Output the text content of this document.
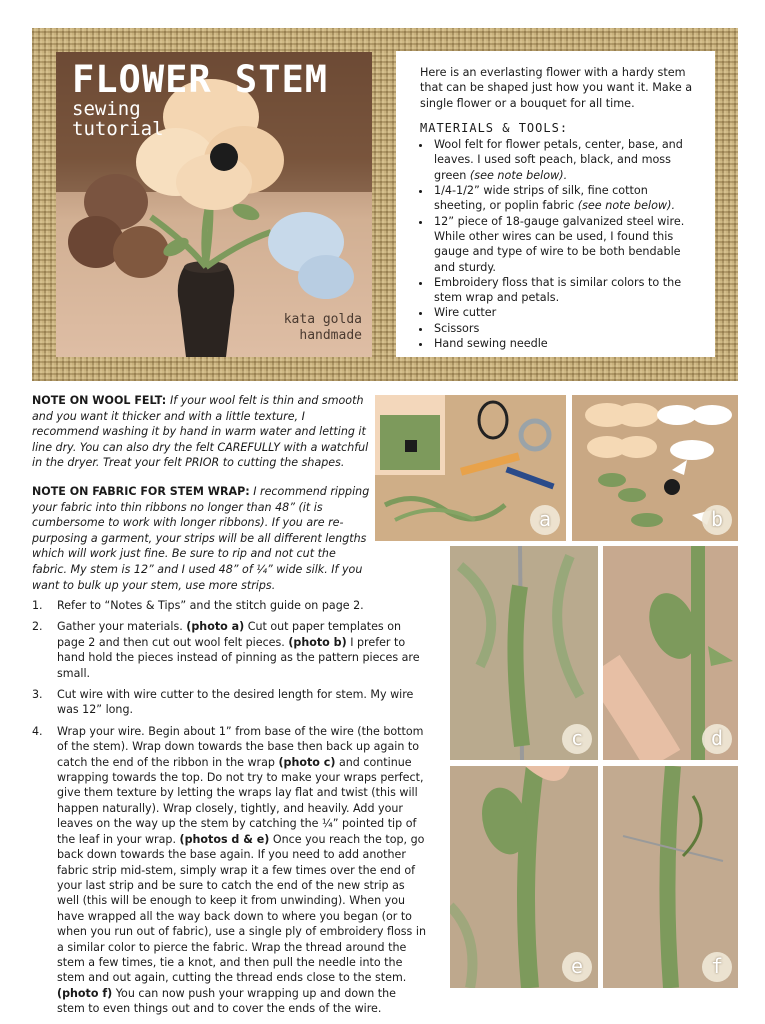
FLOWER STEM
sewing
tutorial
kata golda
handmade

Here is an everlasting flower with a hardy stem that can be shaped just how you want it. Make a single flower or a bouquet for all time.

MATERIALS & TOOLS:
• Wool felt for flower petals, center, base, and leaves. I used soft peach, black, and moss green (see note below).
• 1/4-1/2” wide strips of silk, fine cotton sheeting, or poplin fabric (see note below).
• 12” piece of 18-gauge galvanized steel wire. While other wires can be used, I found this gauge and type of wire to be both bendable and sturdy.
• Embroidery floss that is similar colors to the stem wrap and petals.
• Wire cutter
• Scissors
• Hand sewing needle
NOTE ON WOOL FELT: If your wool felt is thin and smooth and you want it thicker and with a little texture, I recommend washing it by hand in warm water and letting it line dry. You can also dry the felt CAREFULLY with a watchful in the dryer. Treat your felt PRIOR to cutting the shapes.
NOTE ON FABRIC FOR STEM WRAP: I recommend ripping your fabric into thin ribbons no longer than 48” (it is cumbersome to work with longer ribbons). If you are re-purposing a garment, your strips will be all different lengths which will work just fine. Be sure to rip and not cut the fabric. My stem is 12” and I used 48” of ¼” wide silk. If you want to bulk up your stem, use more strips.
1. Refer to “Notes & Tips” and the stitch guide on page 2.
2. Gather your materials. (photo a) Cut out paper templates on page 2 and then cut out wool felt pieces. (photo b) I prefer to hand hold the pieces instead of pinning as the pattern pieces are small.
3. Cut wire with wire cutter to the desired length for stem. My wire was 12” long.
4. Wrap your wire. Begin about 1” from base of the wire (the bottom of the stem). Wrap down towards the base then back up again to catch the end of the ribbon in the wrap (photo c) and continue wrapping towards the top. Do not try to make your wraps perfect, give them texture by letting the wraps lay flat and twist (this will happen naturally). Wrap closely, tightly, and heavily. Add your leaves on the way up the stem by catching the ¼” pointed tip of the leaf in your wrap. (photos d & e) Once you reach the top, go back down towards the base again. If you need to add another fabric strip mid-stem, simply wrap it a few times over the end of your last strip and be sure to catch the end of the new strip as well (this will be enough to keep it from unwinding). When you have wrapped all the way back down to where you began (or to when you run out of fabric), use a single ply of embroidery floss in a similar color to pierce the fabric. Wrap the thread around the stem a few times, tie a knot, and then pull the needle into the stem and out again, cutting the thread ends close to the stem. (photo f) You can now push your wrapping up and down the stem to even things out and to cover the ends of the wire.
a	b
c	d
e	f
